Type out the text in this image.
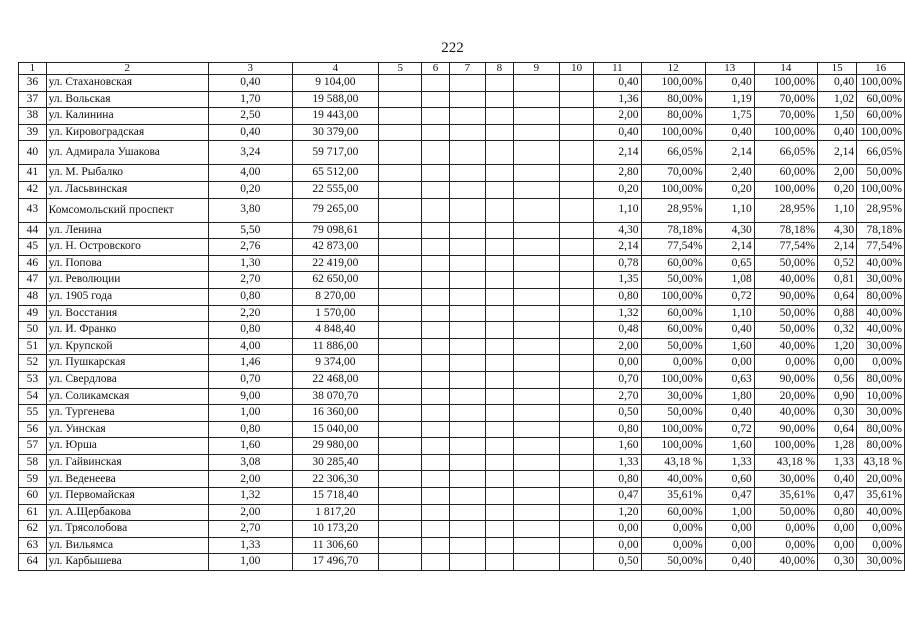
222
1	2	3	4	5	6	7	8	9	10	11	12	13	14	15	16
36	ул. Стахановская	0,40	9 104,00							0,40	100,00%	0,40	100,00%	0,40	100,00%
37	ул. Вольская	1,70	19 588,00							1,36	80,00%	1,19	70,00%	1,02	60,00%
38	ул. Калинина	2,50	19 443,00							2,00	80,00%	1,75	70,00%	1,50	60,00%
39	ул. Кировоградская	0,40	30 379,00							0,40	100,00%	0,40	100,00%	0,40	100,00%
40	ул. Адмирала Ушакова	3,24	59 717,00							2,14	66,05%	2,14	66,05%	2,14	66,05%
41	ул. М. Рыбалко	4,00	65 512,00							2,80	70,00%	2,40	60,00%	2,00	50,00%
42	ул. Ласьвинская	0,20	22 555,00							0,20	100,00%	0,20	100,00%	0,20	100,00%
43	Комсомольский проспект	3,80	79 265,00							1,10	28,95%	1,10	28,95%	1,10	28,95%
44	ул. Ленина	5,50	79 098,61							4,30	78,18%	4,30	78,18%	4,30	78,18%
45	ул. Н. Островского	2,76	42 873,00							2,14	77,54%	2,14	77,54%	2,14	77,54%
46	ул. Попова	1,30	22 419,00							0,78	60,00%	0,65	50,00%	0,52	40,00%
47	ул. Революции	2,70	62 650,00							1,35	50,00%	1,08	40,00%	0,81	30,00%
48	ул. 1905 года	0,80	8 270,00							0,80	100,00%	0,72	90,00%	0,64	80,00%
49	ул. Восстания	2,20	1 570,00							1,32	60,00%	1,10	50,00%	0,88	40,00%
50	ул. И. Франко	0,80	4 848,40							0,48	60,00%	0,40	50,00%	0,32	40,00%
51	ул. Крупской	4,00	11 886,00							2,00	50,00%	1,60	40,00%	1,20	30,00%
52	ул. Пушкарская	1,46	9 374,00							0,00	0,00%	0,00	0,00%	0,00	0,00%
53	ул. Свердлова	0,70	22 468,00							0,70	100,00%	0,63	90,00%	0,56	80,00%
54	ул. Соликамская	9,00	38 070,70							2,70	30,00%	1,80	20,00%	0,90	10,00%
55	ул. Тургенева	1,00	16 360,00							0,50	50,00%	0,40	40,00%	0,30	30,00%
56	ул. Уинская	0,80	15 040,00							0,80	100,00%	0,72	90,00%	0,64	80,00%
57	ул. Юрша	1,60	29 980,00							1,60	100,00%	1,60	100,00%	1,28	80,00%
58	ул. Гайвинская	3,08	30 285,40							1,33	43,18 %	1,33	43,18 %	1,33	43,18 %
59	ул. Веденеева	2,00	22 306,30							0,80	40,00%	0,60	30,00%	0,40	20,00%
60	ул. Первомайская	1,32	15 718,40							0,47	35,61%	0,47	35,61%	0,47	35,61%
61	ул. А.Щербакова	2,00	1 817,20							1,20	60,00%	1,00	50,00%	0,80	40,00%
62	ул. Трясолобова	2,70	10 173,20							0,00	0,00%	0,00	0,00%	0,00	0,00%
63	ул. Вильямса	1,33	11 306,60							0,00	0,00%	0,00	0,00%	0,00	0,00%
64	ул. Карбышева	1,00	17 496,70							0,50	50,00%	0,40	40,00%	0,30	30,00%
